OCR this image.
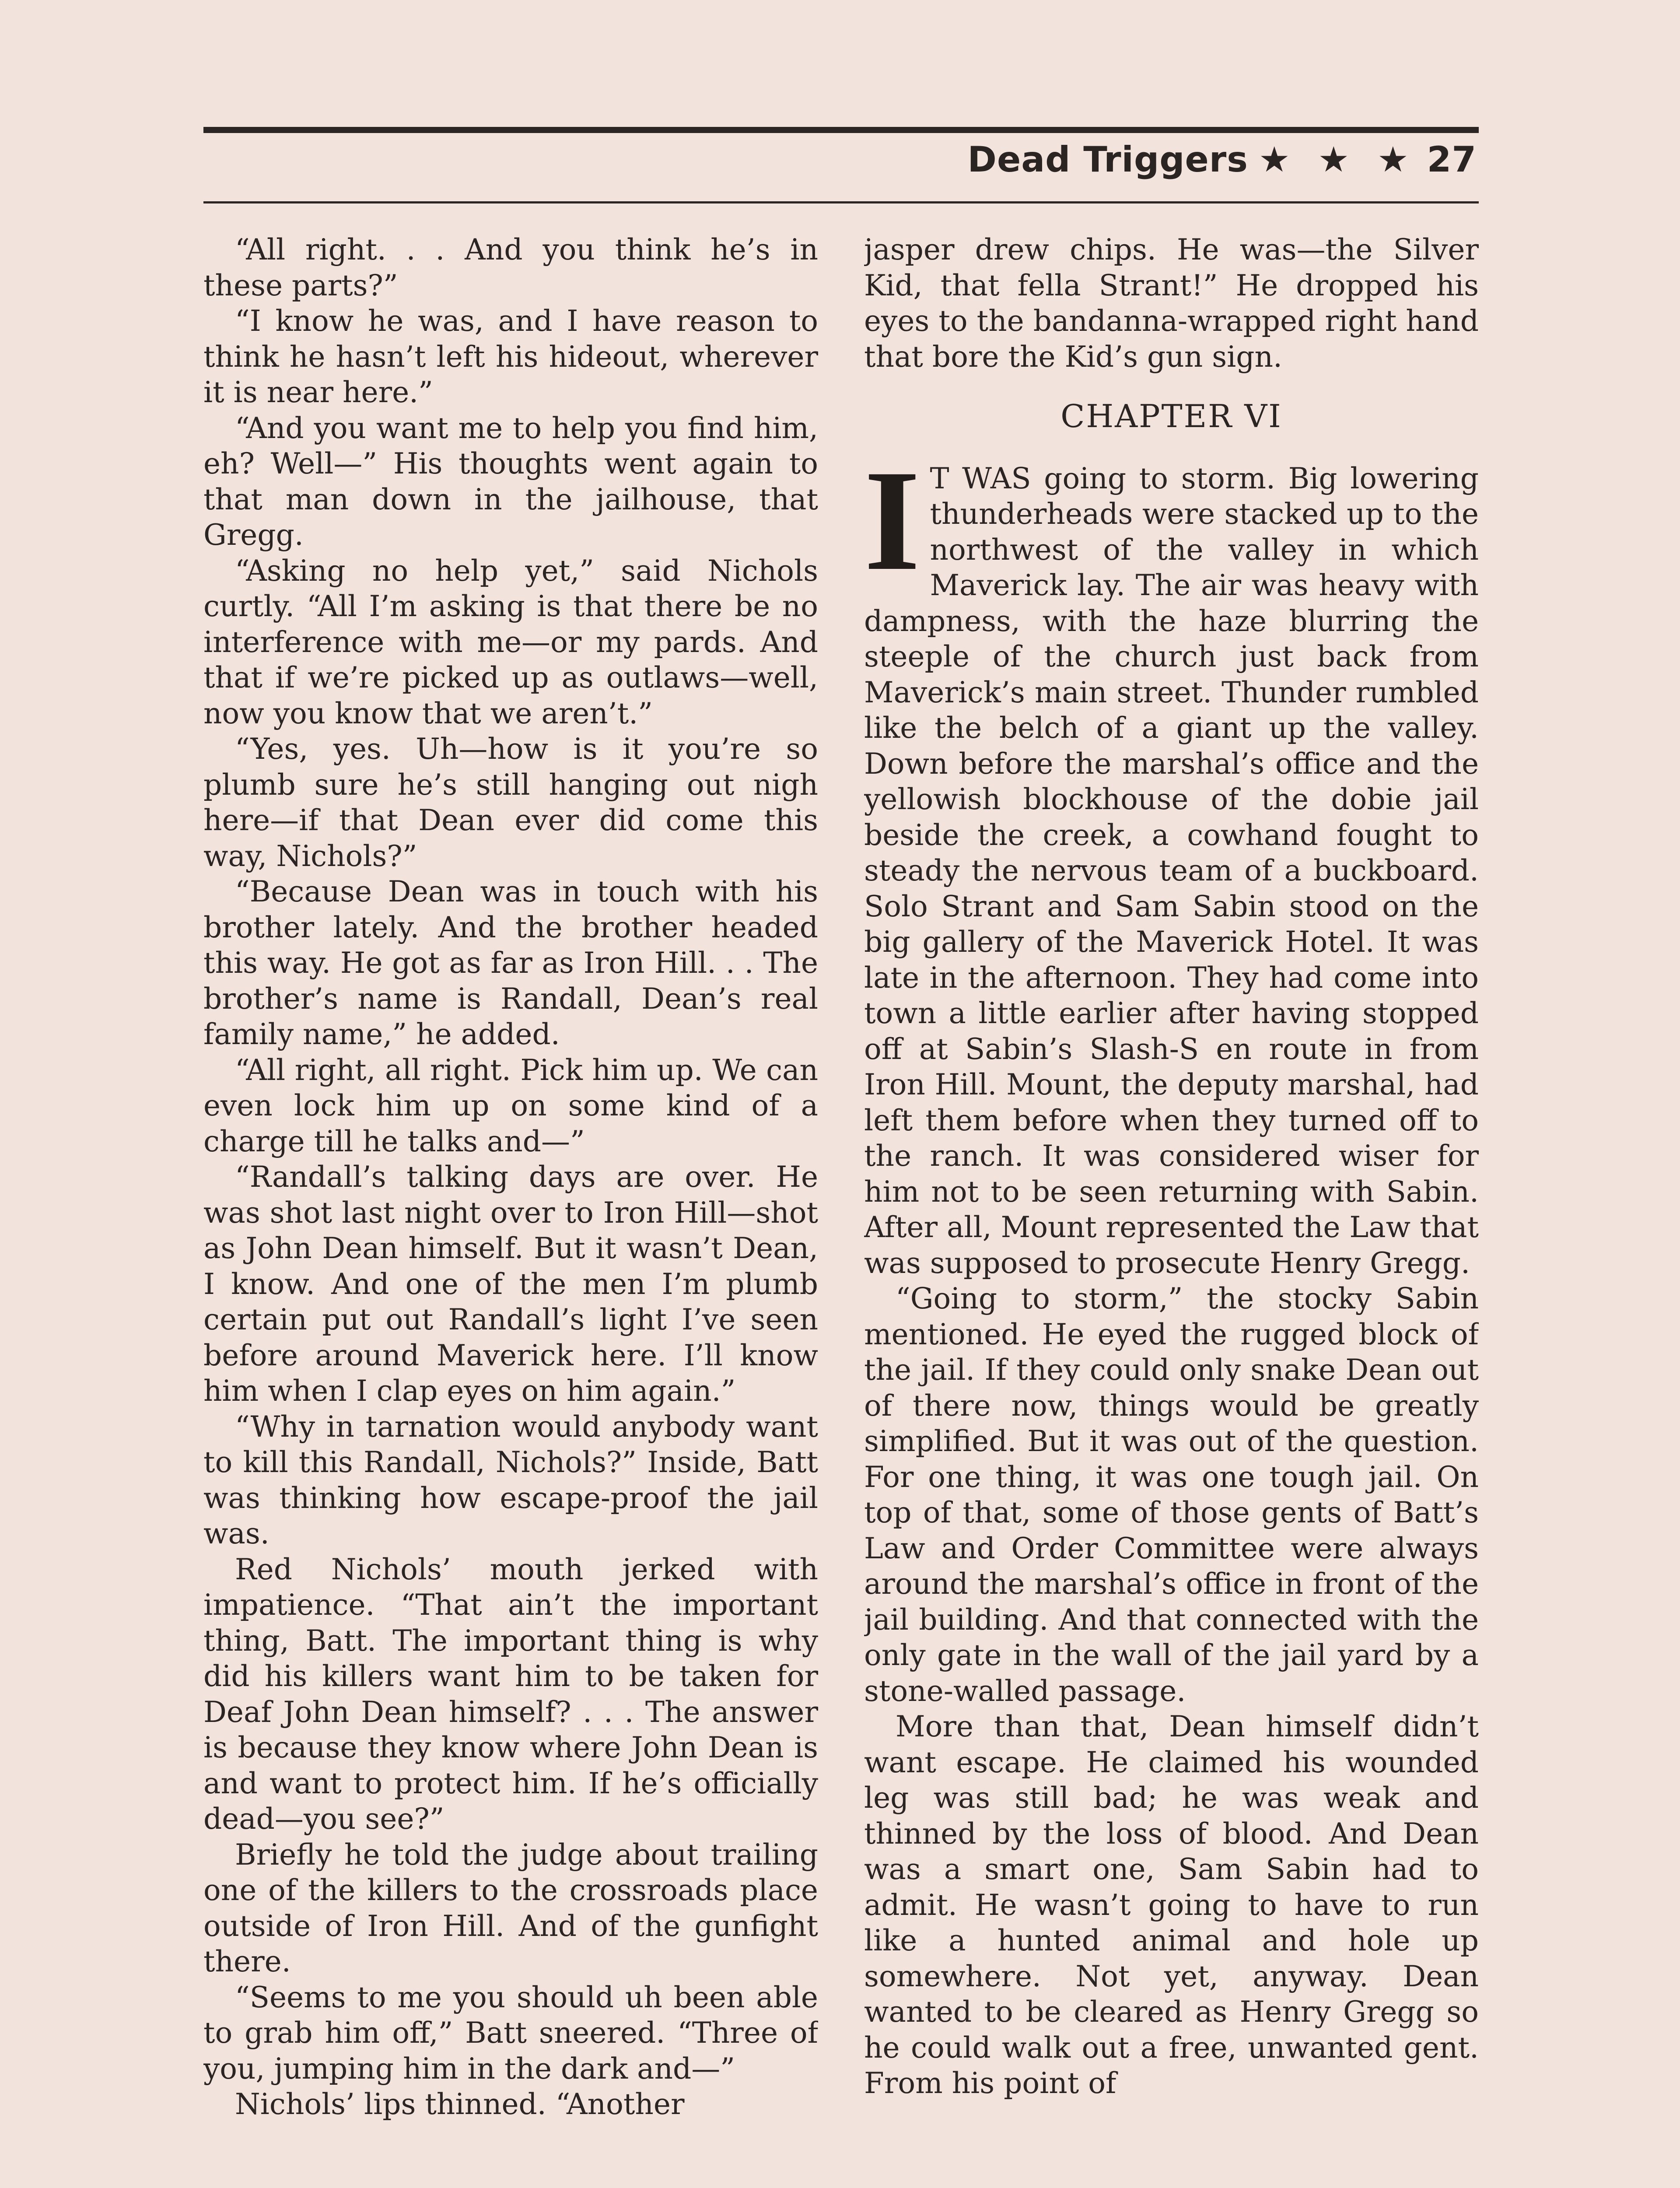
Dead Triggers ★ ★ ★ 27

“All right. . . And you think he’s in these parts?”

“I know he was, and I have reason to think he hasn’t left his hideout, wherever it is near here.”

“And you want me to help you find him, eh? Well—” His thoughts went again to that man down in the jailhouse, that Gregg.

“Asking no help yet,” said Nichols curtly. “All I’m asking is that there be no interference with me—or my pards. And that if we’re picked up as outlaws—well, now you know that we aren’t.”

“Yes, yes. Uh—how is it you’re so plumb sure he’s still hanging out nigh here—if that Dean ever did come this way, Nichols?”

“Because Dean was in touch with his brother lately. And the brother headed this way. He got as far as Iron Hill. . . The brother’s name is Randall, Dean’s real family name,” he added.

“All right, all right. Pick him up. We can even lock him up on some kind of a charge till he talks and—”

“Randall’s talking days are over. He was shot last night over to Iron Hill—shot as John Dean himself. But it wasn’t Dean, I know. And one of the men I’m plumb certain put out Randall’s light I’ve seen before around Maverick here. I’ll know him when I clap eyes on him again.”

“Why in tarnation would anybody want to kill this Randall, Nichols?” Inside, Batt was thinking how escape-proof the jail was.

Red Nichols’ mouth jerked with impatience. “That ain’t the important thing, Batt. The important thing is why did his killers want him to be taken for Deaf John Dean himself? . . . The answer is because they know where John Dean is and want to protect him. If he’s officially dead—you see?”

Briefly he told the judge about trailing one of the killers to the crossroads place outside of Iron Hill. And of the gunfight there.

“Seems to me you should uh been able to grab him off,” Batt sneered. “Three of you, jumping him in the dark and—”

Nichols’ lips thinned. “Another

jasper drew chips. He was—the Silver Kid, that fella Strant!” He dropped his eyes to the bandanna-wrapped right hand that bore the Kid’s gun sign.

CHAPTER VI

I T WAS going to storm. Big lowering thunderheads were stacked up to the northwest of the valley in which Maverick lay. The air was heavy with dampness, with the haze blurring the steeple of the church just back from Maverick’s main street. Thunder rumbled like the belch of a giant up the valley. Down before the marshal’s office and the yellowish blockhouse of the dobie jail beside the creek, a cowhand fought to steady the nervous team of a buckboard. Solo Strant and Sam Sabin stood on the big gallery of the Maverick Hotel. It was late in the afternoon. They had come into town a little earlier after having stopped off at Sabin’s Slash-S en route in from Iron Hill. Mount, the deputy marshal, had left them before when they turned off to the ranch. It was considered wiser for him not to be seen returning with Sabin. After all, Mount represented the Law that was supposed to prosecute Henry Gregg.

“Going to storm,” the stocky Sabin mentioned. He eyed the rugged block of the jail. If they could only snake Dean out of there now, things would be greatly simplified. But it was out of the question. For one thing, it was one tough jail. On top of that, some of those gents of Batt’s Law and Order Committee were always around the marshal’s office in front of the jail building. And that connected with the only gate in the wall of the jail yard by a stone-walled passage.

More than that, Dean himself didn’t want escape. He claimed his wounded leg was still bad; he was weak and thinned by the loss of blood. And Dean was a smart one, Sam Sabin had to admit. He wasn’t going to have to run like a hunted animal and hole up somewhere. Not yet, anyway. Dean wanted to be cleared as Henry Gregg so he could walk out a free, unwanted gent. From his point of
